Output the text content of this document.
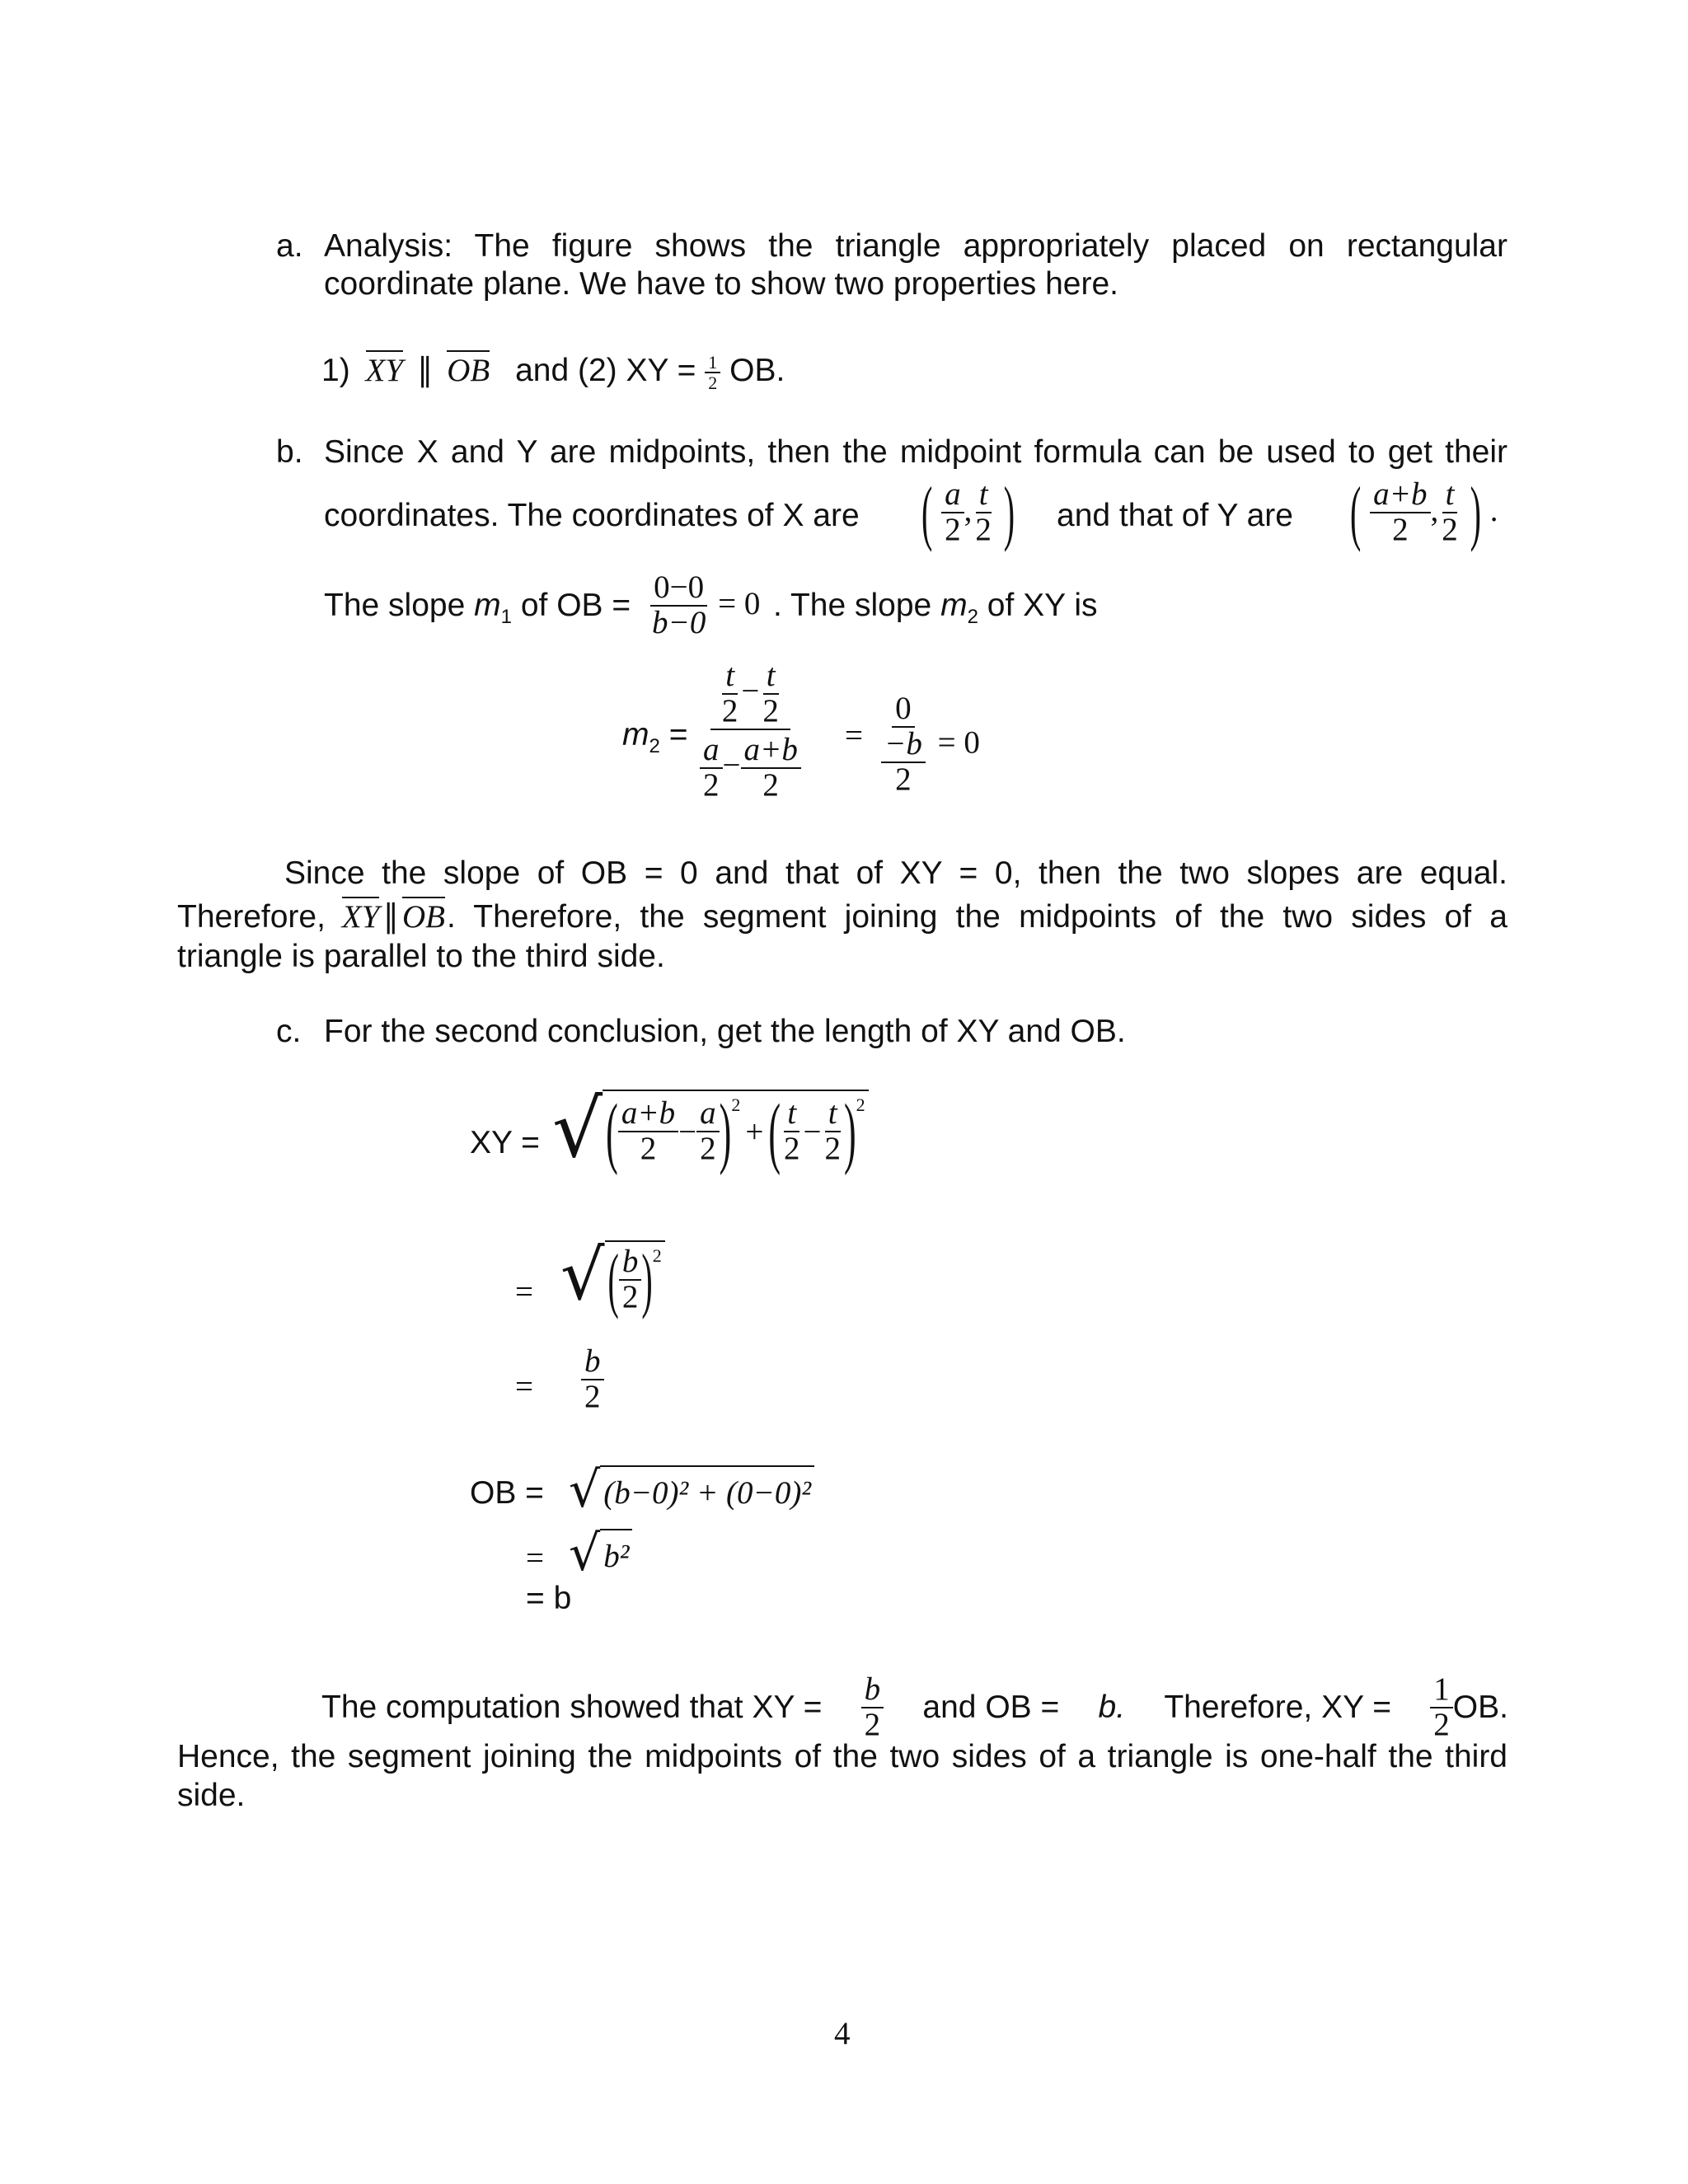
a. Analysis: The figure shows the triangle appropriately placed on rectangular
coordinate plane. We have to show two properties here.
1) XY ∥ OB and (2) XY = $\frac{1}{2}$ OB.
b. Since X and Y are midpoints, then the midpoint formula can be used to get their
coordinates. The coordinates of X are ( $\frac{a}{2}$ , $\frac{t}{2}$ ) and that of Y are ( $\frac{a+b}{2}$ , $\frac{t}{2}$ ) .
The slope $m_1$ of OB = $\frac{0-0}{b-0} = 0$ . The slope $m_2$ of XY is
$m_2 = \frac{\frac{t}{2} - \frac{t}{2}}{\frac{a}{2} - \frac{a+b}{2}} = \frac{0}{\frac{-b}{2}} = 0$
Since the slope of OB = 0 and that of XY = 0, then the two slopes are equal.
Therefore, XY ∥ OB . Therefore, the segment joining the midpoints of the two sides of a
triangle is parallel to the third side.
c. For the second conclusion, get the length of XY and OB.
XY = √ ( $\frac{a+b}{2} - \frac{a}{2} )^2$
+ ( $\frac{t}{2} - \frac{t}{2} )^2$
= √ ( $\frac{b}{2} )^2$
= $\frac{b}{2}$
OB = √ (b−0)² + (0−0)²
= √ b²
= b
The computation showed that XY = $\frac{b}{2}$ and OB = b. Therefore, XY = $\frac{1}{2}$ OB.
Hence, the segment joining the midpoints of the two sides of a triangle is one-half the third
side.
4
